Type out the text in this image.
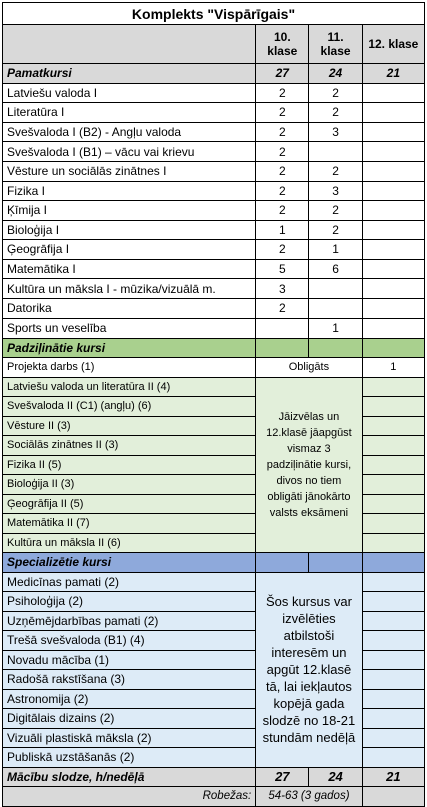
Komplekts "Vispārīgais"			
	10. klase	11. klase	12. klase
Pamatkursi	27	24	21
Latviešu valoda I	2	2	
Literatūra I	2	2	
Svešvaloda I (B2) - Angļu valoda	2	3	
Svešvaloda I (B1) – vācu vai krievu	2		
Vēsture un sociālās zinātnes I	2	2	
Fizika I	2	3	
Ķīmija I	2	2	
Bioloģija I	1	2	
Ģeogrāfija I	2	1	
Matemātika I	5	6	
Kultūra un māksla I - mūzika/vizuālā m.	3		
Datorika	2		
Sports un veselība		1	
Padziļinātie kursi			
Projekta darbs (1)	Obligāts		1
Latviešu valoda un literatūra II (4)	Jāizvēlas un 12.klasē jāapgūst vismaz 3 padziļinātie kursi, divos no tiem obligāti jānokārto valsts eksāmeni		
Svešvaloda II (C1) (angļu) (6)			
Vēsture II (3)			
Sociālās zinātnes II (3)			
Fizika II (5)			
Bioloģija II (3)			
Ģeogrāfija II (5)			
Matemātika II (7)			
Kultūra un māksla II (6)			
Specializētie kursi			
Medicīnas pamati (2)	Šos kursus var izvēlēties atbilstoši interesēm un apgūt 12.klasē tā, lai iekļautos kopējā gada slodzē no 18-21 stundām nedēļā		
Psiholoģija (2)			
Uzņēmējdarbības pamati (2)			
Trešā svešvaloda (B1) (4)			
Novadu mācība (1)			
Radošā rakstīšana (3)			
Astronomija (2)			
Digitālais dizains (2)			
Vizuāli plastiskā māksla (2)			
Publiskā uzstāšanās (2)			
Mācību slodze, h/nedēļā	27	24	21
Robežas:	54-63 (3 gados)		
